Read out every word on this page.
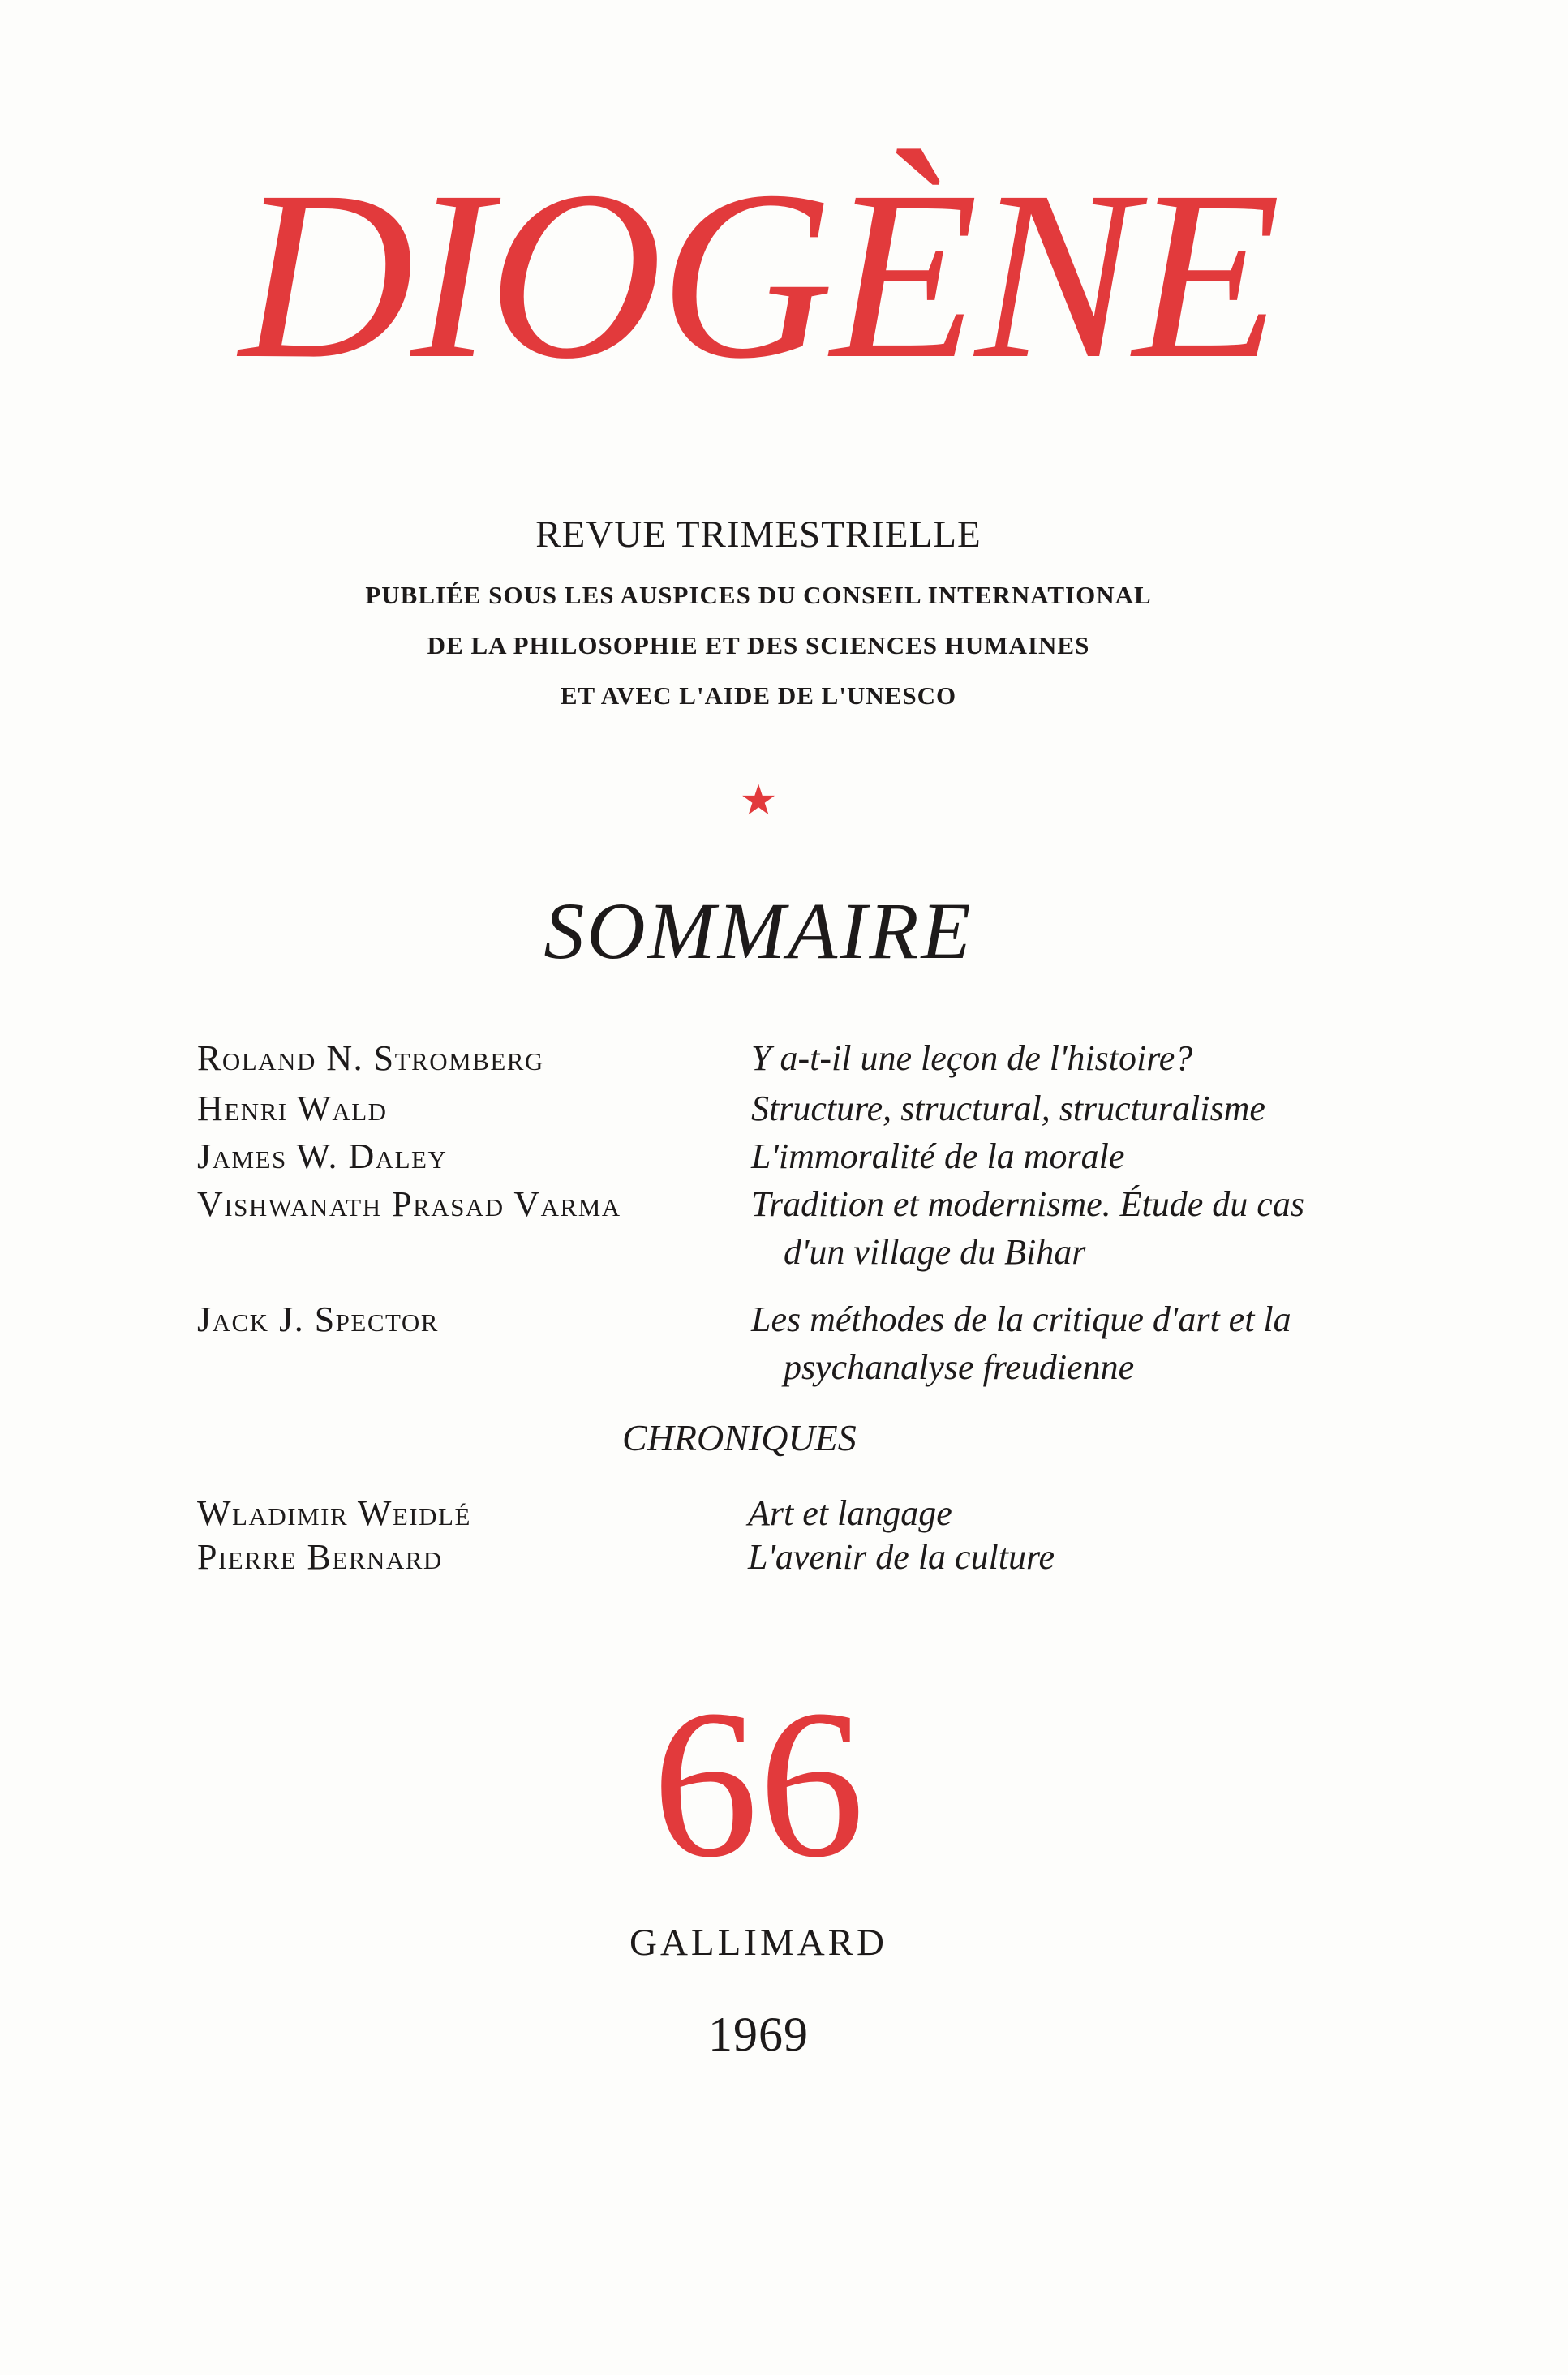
DIOGÈNE
REVUE TRIMESTRIELLE
PUBLIÉE SOUS LES AUSPICES DU CONSEIL INTERNATIONAL
DE LA PHILOSOPHIE ET DES SCIENCES HUMAINES
ET AVEC L'AIDE DE L'UNESCO
★
SOMMAIRE
Roland N. Stromberg	Y a-t-il une leçon de l'histoire?
Henri Wald	Structure, structural, structuralisme
James W. Daley	L'immoralité de la morale
Vishwanath Prasad Varma	Tradition et modernisme. Étude du cas
d'un village du Bihar
Jack J. Spector	Les méthodes de la critique d'art et la
psychanalyse freudienne
CHRONIQUES
Wladimir Weidlé	Art et langage
Pierre Bernard	L'avenir de la culture
66
GALLIMARD
1969
